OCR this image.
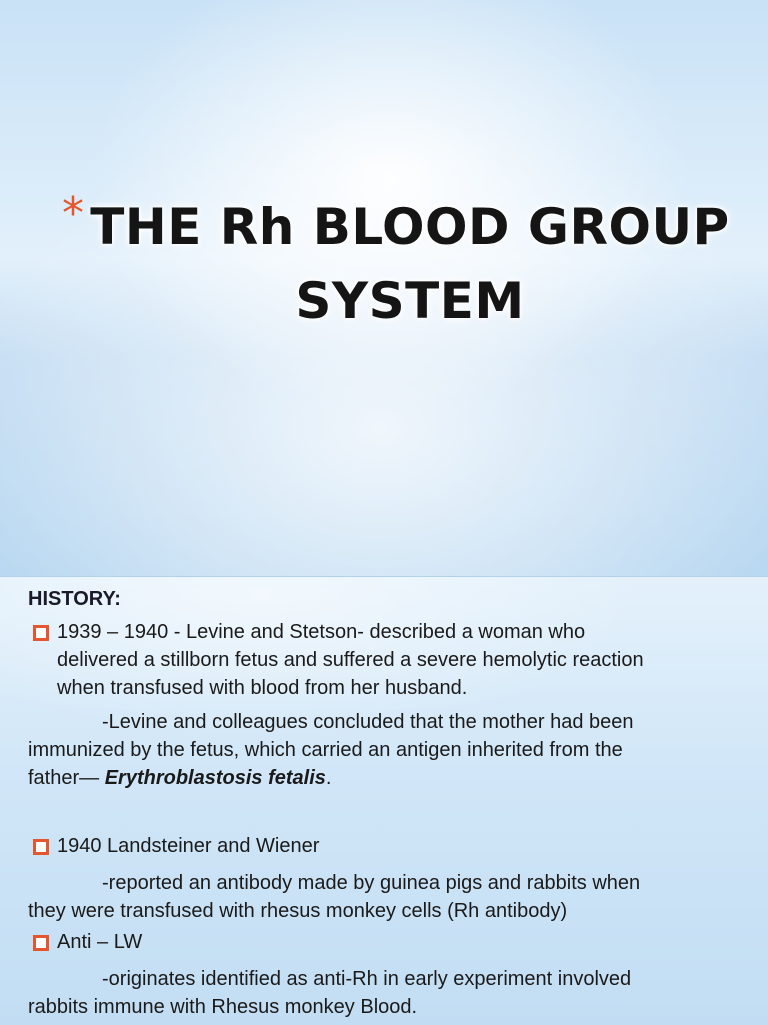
* THE Rh BLOOD GROUP
SYSTEM
HISTORY:
1939 – 1940 - Levine and Stetson- described a woman who
delivered a stillborn fetus and suffered a severe hemolytic reaction
when transfused with blood from her husband.
-Levine and colleagues concluded that the mother had been
immunized by the fetus, which carried an antigen inherited from the
father— Erythroblastosis fetalis.
1940 Landsteiner and Wiener
-reported an antibody made by guinea pigs and rabbits when
they were transfused with rhesus monkey cells (Rh antibody)
Anti – LW
-originates identified as anti-Rh in early experiment involved
rabbits immune with Rhesus monkey Blood.
